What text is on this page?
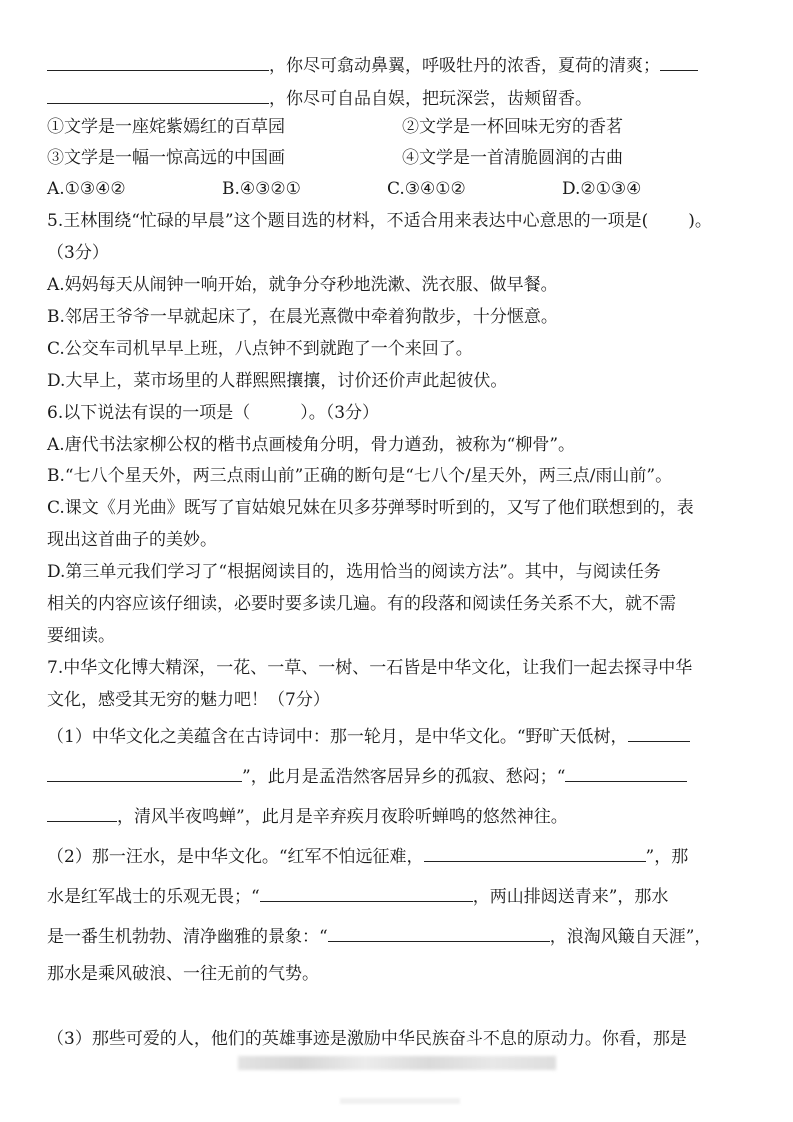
，你尽可翕动鼻翼，呼吸牡丹的浓香，夏荷的清爽；
，你尽可自品自娱，把玩深尝，齿颊留香。
①文学是一座姹紫嫣红的百草园	②文学是一杯回味无穷的香茗
③文学是一幅一惊高远的中国画	④文学是一首清脆圆润的古曲
A.①③④②	B.④③②①	C.③④①②	D.②①③④
5.王林围绕“忙碌的早晨”这个题目选的材料，不适合用来表达中心意思的一项是( )。
（3分）
A.妈妈每天从闹钟一响开始，就争分夺秒地洗漱、洗衣服、做早餐。
B.邻居王爷爷一早就起床了，在晨光熹微中牵着狗散步，十分惬意。
C.公交车司机早早上班，八点钟不到就跑了一个来回了。
D.大早上，菜市场里的人群熙熙攘攘，讨价还价声此起彼伏。
6.以下说法有误的一项是（	）。（3分）
A.唐代书法家柳公权的楷书点画棱角分明，骨力遒劲，被称为“柳骨”。
B.“七八个星天外，两三点雨山前”正确的断句是“七八个/星天外，两三点/雨山前”。
C.课文《月光曲》既写了盲姑娘兄妹在贝多芬弹琴时听到的，又写了他们联想到的，表
现出这首曲子的美妙。
D.第三单元我们学习了“根据阅读目的，选用恰当的阅读方法”。其中，与阅读任务
相关的内容应该仔细读，必要时要多读几遍。有的段落和阅读任务关系不大，就不需
要细读。
7.中华文化博大精深，一花、一草、一树、一石皆是中华文化，让我们一起去探寻中华
文化，感受其无穷的魅力吧！（7分）
（1）中华文化之美蕴含在古诗词中：那一轮月，是中华文化。“野旷天低树，
”，此月是孟浩然客居异乡的孤寂、愁闷；“
，清风半夜鸣蝉”，此月是辛弃疾月夜聆听蝉鸣的悠然神往。
（2）那一汪水，是中华文化。“红军不怕远征难，	”，那
水是红军战士的乐观无畏；“	，两山排闼送青来”，那水
是一番生机勃勃、清净幽雅的景象：“	，浪淘风簸自天涯”，
那水是乘风破浪、一往无前的气势。
（3）那些可爱的人，他们的英雄事迹是激励中华民族奋斗不息的原动力。你看，那是
